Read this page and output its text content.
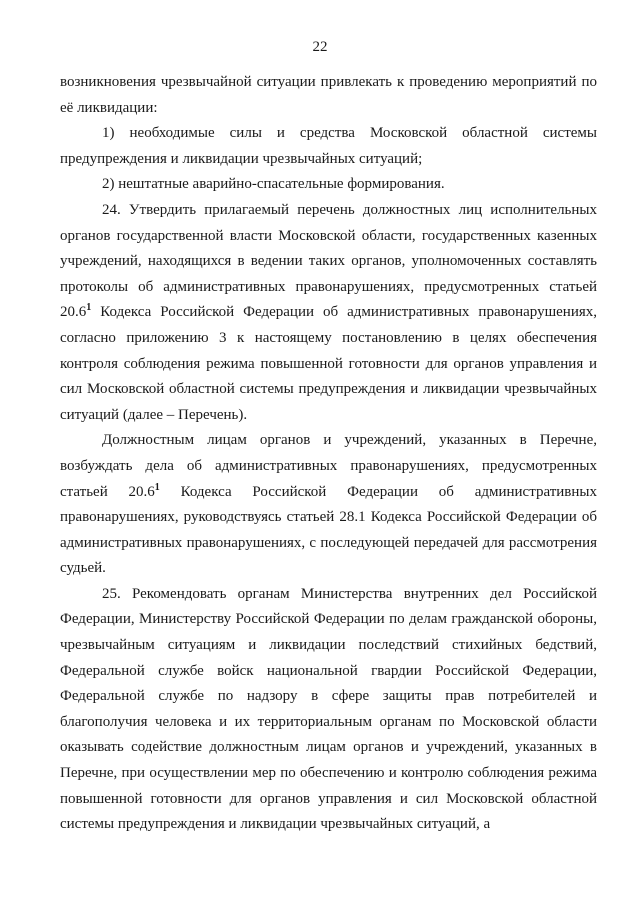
22

возникновения чрезвычайной ситуации привлекать к проведению мероприятий по её ликвидации:

1) необходимые силы и средства Московской областной системы предупреждения и ликвидации чрезвычайных ситуаций;

2) нештатные аварийно-спасательные формирования.

24. Утвердить прилагаемый перечень должностных лиц исполнительных органов государственной власти Московской области, государственных казенных учреждений, находящихся в ведении таких органов, уполномоченных составлять протоколы об административных правонарушениях, предусмотренных статьей 20.6$^1$ Кодекса Российской Федерации об административных правонарушениях, согласно приложению 3 к настоящему постановлению в целях обеспечения контроля соблюдения режима повышенной готовности для органов управления и сил Московской областной системы предупреждения и ликвидации чрезвычайных ситуаций (далее – Перечень).

Должностным лицам органов и учреждений, указанных в Перечне, возбуждать дела об административных правонарушениях, предусмотренных статьей 20.6$^1$ Кодекса Российской Федерации об административных правонарушениях, руководствуясь статьей 28.1 Кодекса Российской Федерации об административных правонарушениях, с последующей передачей для рассмотрения судьей.

25. Рекомендовать органам Министерства внутренних дел Российской Федерации, Министерству Российской Федерации по делам гражданской обороны, чрезвычайным ситуациям и ликвидации последствий стихийных бедствий, Федеральной службе войск национальной гвардии Российской Федерации, Федеральной службе по надзору в сфере защиты прав потребителей и благополучия человека и их территориальным органам по Московской области оказывать содействие должностным лицам органов и учреждений, указанных в Перечне, при осуществлении мер по обеспечению и контролю соблюдения режима повышенной готовности для органов управления и сил Московской областной системы предупреждения и ликвидации чрезвычайных ситуаций, а
